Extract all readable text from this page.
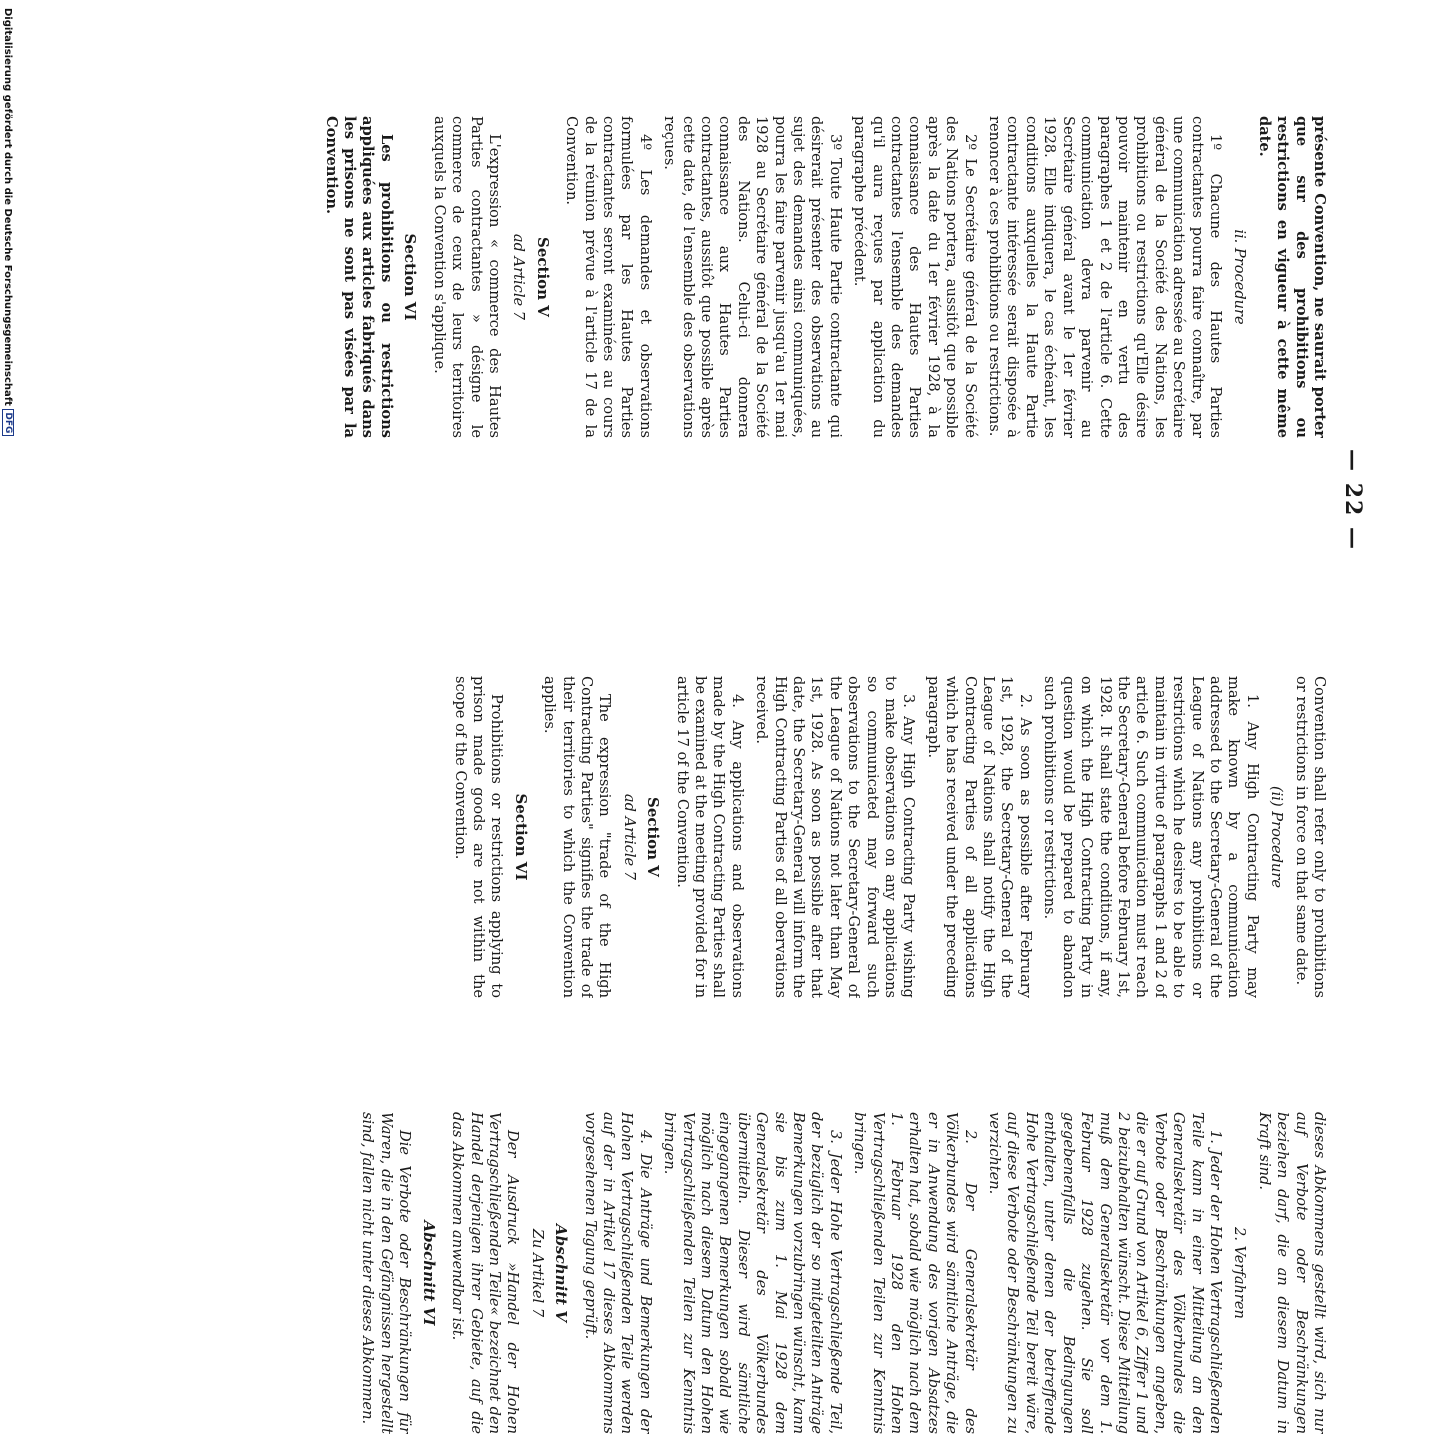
— 22 —

présente Convention, ne saurait porter que sur des prohibitions ou restrictions en vigueur à cette même date.

ii. Procedure

1º Chacune des Hautes Parties contractantes pourra faire connaître, par une communication adressée au Secrétaire général de la Société des Nations, les prohibitions ou restrictions qu'Elle désire pouvoir maintenir en vertu des paragraphes 1 et 2 de l'article 6. Cette communication devra parvenir au Secrétaire général avant le 1er février 1928. Elle indiquera, le cas échéant, les conditions auxquelles la Haute Partie contractante intéressée serait disposée à renoncer à ces prohibitions ou restrictions.

2º Le Secrétaire général de la Société des Nations portera, aussitôt que possible après la date du 1er février 1928, à la connaissance des Hautes Parties contractantes l'ensemble des demandes qu'il aura reçues par application du paragraphe précédent.

3º Toute Haute Partie contractante qui désirerait présenter des observations au sujet des demandes ainsi communiquées, pourra les faire parvenir jusqu'au 1er mai 1928 au Secrétaire général de la Société des Nations. Celui-ci donnera connaissance aux Hautes Parties contractantes, aussitôt que possible après cette date, de l'ensemble des observations reçues.

4º Les demandes et observations formulées par les Hautes Parties contractantes seront examinées au cours de la réunion prévue à l'article 17 de la Convention.

Section V
ad Article 7

L'expression « commerce des Hautes Parties contractantes » désigne le commerce de ceux de leurs territoires auxquels la Convention s'applique.

Section VI

Les prohibitions ou restrictions appliquées aux articles fabriqués dans les prisons ne sont pas visées par la Convention.

Convention shall refer only to prohibitions or restrictions in force on that same date.

(ii) Procedure

1. Any High Contracting Party may make known by a communication addressed to the Secretary-General of the League of Nations any prohibitions or restrictions which he desires to be able to maintain in virtue of paragraphs 1 and 2 of article 6. Such communication must reach the Secretary-General before February 1st, 1928. It shall state the conditions, if any, on which the High Contracting Party in question would be prepared to abandon such prohibitions or restrictions.

2. As soon as possible after February 1st, 1928, the Secretary-General of the League of Nations shall notify the High Contracting Parties of all applications which he has received under the preceding paragraph.

3. Any High Contracting Party wishing to make observations on any applications so communicated may forward such observations to the Secretary-General of the League of Nations not later than May 1st, 1928. As soon as possible after that date, the Secretary-General will inform the High Contracting Parties of all obervations received.

4. Any applications and observations made by the High Contracting Parties shall be examined at the meeting provided for in article 17 of the Convention.

Section V
ad Article 7

The expression "trade of the High Contracting Parties" signifies the trade of their territories to which the Convention applies.

Section VI

Prohibitions or restrictions applying to prison made goods are not within the scope of the Convention.

dieses Abkommens gestellt wird, sich nur auf Verbote oder Beschränkungen beziehen darf, die an diesem Datum in Kraft sind.

2. Verfahren

1. Jeder der Hohen Vertragschließenden Teile kann in einer Mitteilung an den Generalsekretär des Völkerbundes die Verbote oder Beschränkungen angeben, die er auf Grund von Artikel 6, Ziffer 1 und 2 beizubehalten wünscht. Diese Mitteilung muß dem Generalsekretär vor dem 1. Februar 1928 zugehen. Sie soll gegebenenfalls die Bedingungen enthalten, unter denen der betreffende Hohe Vertragschließende Teil bereit wäre, auf diese Verbote oder Beschränkungen zu verzichten.

2. Der Generalsekretär des Völkerbundes wird sämtliche Anträge, die er in Anwendung des vorigen Absatzes erhalten hat, sobald wie möglich nach dem 1. Februar 1928 den Hohen Vertragschließenden Teilen zur Kenntnis bringen.

3. Jeder Hohe Vertragschließende Teil, der bezüglich der so mitgeteilten Anträge Bemerkungen vorzubringen wünscht, kann sie bis zum 1. Mai 1928 dem Generalsekretär des Völkerbundes übermitteln. Dieser wird sämtliche eingegangenen Bemerkungen sobald wie möglich nach diesem Datum den Hohen Vertragschließenden Teilen zur Kenntnis bringen.

4. Die Anträge und Bemerkungen der Hohen Vertragschließenden Teile werden auf der in Artikel 17 dieses Abkommens vorgesehenen Tagung geprüft.

Abschnitt V
Zu Artikel 7

Der Ausdruck »Handel der Hohen Vertragschließenden Teile« bezeichnet den Handel derjenigen ihrer Gebiete, auf die das Abkommen anwendbar ist.

Abschnitt VI

Die Verbote oder Beschränkungen für Waren, die in den Gefängnissen hergestellt sind, fallen nicht unter dieses Abkommen.

Digitalisierung gefördert durch die Deutsche Forschungsgemeinschaft DFG
